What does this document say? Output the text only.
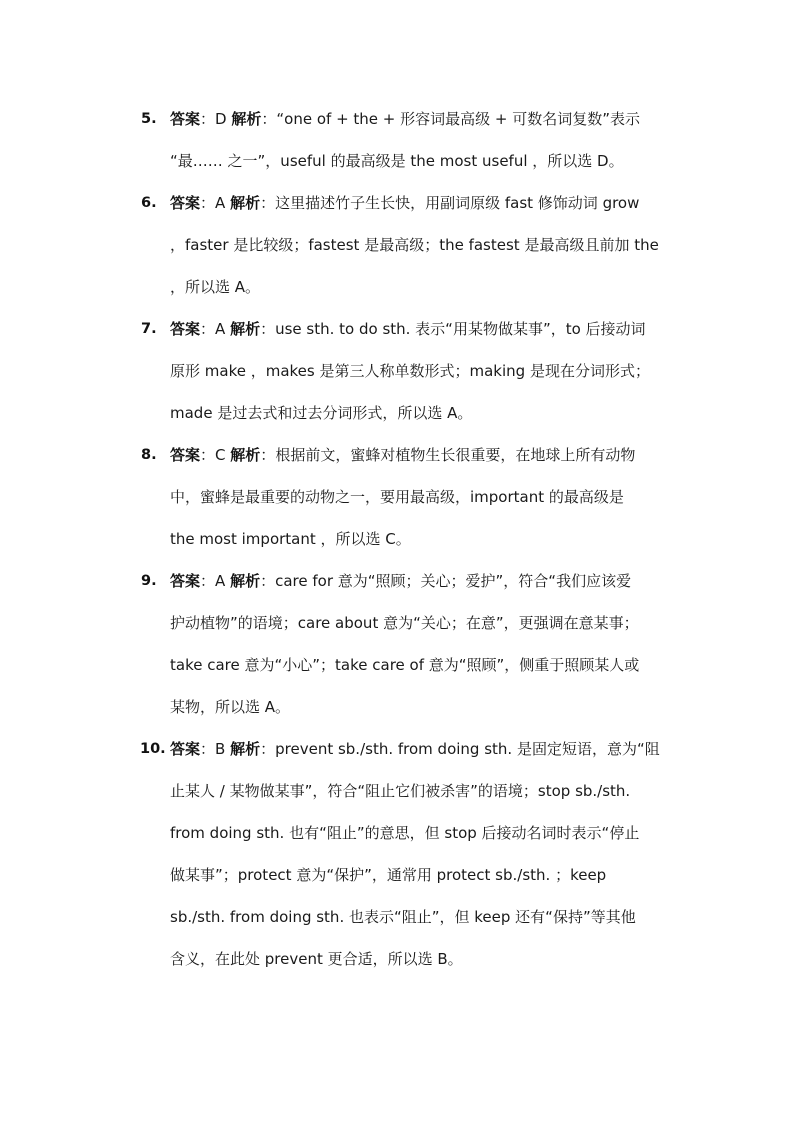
5. 答案：D 解析：“one of + the + 形容词最高级 + 可数名词复数”表示
“最…… 之一”，useful 的最高级是 the most useful ，所以选 D。
6. 答案：A 解析：这里描述竹子生长快，用副词原级 fast 修饰动词 grow
，faster 是比较级；fastest 是最高级；the fastest 是最高级且前加 the
，所以选 A。
7. 答案：A 解析：use sth. to do sth. 表示“用某物做某事”，to 后接动词
原形 make ，makes 是第三人称单数形式；making 是现在分词形式；
made 是过去式和过去分词形式，所以选 A。
8. 答案：C 解析：根据前文，蜜蜂对植物生长很重要，在地球上所有动物
中，蜜蜂是最重要的动物之一，要用最高级，important 的最高级是
the most important ，所以选 C。
9. 答案：A 解析：care for 意为“照顾；关心；爱护”，符合“我们应该爱
护动植物”的语境；care about 意为“关心；在意”，更强调在意某事；
take care 意为“小心”；take care of 意为“照顾”，侧重于照顾某人或
某物，所以选 A。
10. 答案：B 解析：prevent sb./sth. from doing sth. 是固定短语，意为“阻
止某人 / 某物做某事”，符合“阻止它们被杀害”的语境；stop sb./sth.
from doing sth. 也有“阻止”的意思，但 stop 后接动名词时表示“停止
做某事”；protect 意为“保护”，通常用 protect sb./sth. ；keep
sb./sth. from doing sth. 也表示“阻止”，但 keep 还有“保持”等其他
含义，在此处 prevent 更合适，所以选 B。
